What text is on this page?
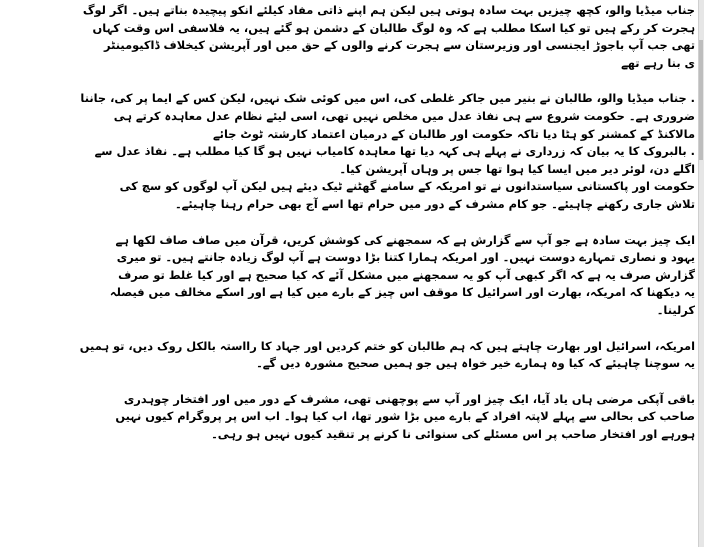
جناب میڈیا والو، کچھ چیزیں بہت سادہ ہوتی ہیں لیکن ہم اپنے ذاتی مفاد کیلئے انکو پیچیدہ بناتے ہیں۔ اگر لوگ
ہجرت کر رکے ہیں تو کیا اسکا مطلب ہے کہ وہ لوگ طالبان کے دشمن ہو گئے ہیں، یہ فلاسفی اس وقت کہاں
تھی جب آپ باجوڑ ایجنسی اور وزیرستان سے ہجرت کرنے والوں کے حق میں اور آپریشن کیخلاف ڈاکیومینٹر
ی بنا رہے تھے
. جناب میڈیا والو، طالبان نے بنیر میں جاکر غلطی کی، اس میں کوئی شک نہیں، لیکن کس کے ایما پر کی، جاننا
ضروری ہے۔ حکومت شروع سے ہی نفاذ عدل میں مخلص نہیں تھی، اسی لیئے نظام عدل معاہدہ کرتے ہی
مالاکنڈ کے کمشنر کو ہٹا دیا تاکہ حکومت اور طالبان کے درمیان اعتماد کارشتہ ٹوٹ جائے
. بالبروک کا یہ بیان کہ زرداری نے پہلے ہی کہہ دیا تھا معاہدہ کامیاب نہیں ہو گا کیا مطلب ہے۔ نفاذ عدل سے
اگلے دن، لوئر دیر میں ایسا کیا ہوا تھا جس پر وہاں آپریشن کیا۔
حکومت اور پاکستانی سیاستدانوں نے تو امریکہ کے سامنے گھٹنے ٹیک دیئے ہیں لیکن آپ لوگوں کو سچ کی
تلاش جاری رکھنے چاہیئے۔ جو کام مشرف کے دور میں حرام تھا اسے آج بھی حرام رہنا چاہیئے۔
ایک چیز بہت سادہ ہے جو آپ سے گزارش ہے کہ سمجھنے کی کوشش کریں، قرآن میں صاف صاف لکھا ہے
یہود و نصاری تمہارے دوست نہیں۔ اور امریکہ ہمارا کتنا بڑا دوست ہے آپ لوگ زیادہ جانتے ہیں۔ تو میری
گزارش صرف یہ ہے کہ اگر کبھی آپ کو یہ سمجھنے میں مشکل آئے کہ کیا صحیح ہے اور کیا غلط تو صرف
یہ دیکھنا کہ امریکہ، بھارت اور اسرائیل کا موقف اس چیز کے بارے میں کیا ہے اور اسکے مخالف میں فیصلہ
کرلینا۔
امریکہ، اسرائیل اور بھارت چاہتے ہیں کہ ہم طالبان کو ختم کردیں اور جہاد کا رااستہ بالکل روک دیں، تو ہمیں
یہ سوچنا چاہیئے کہ کیا وہ ہمارے خیر خواہ ہیں جو ہمیں صحیح مشورہ دیں گے۔
باقی آپکی مرضی ہاں یاد آیا، ایک چیز اور آپ سے پوچھنی تھی، مشرف کے دور میں اور افتخار چوہدری
صاحب کی بحالی سے پہلے لاپتہ افراد کے بارے میں بڑا شور تھا، اب کیا ہوا۔ اب اس پر پروگرام کیوں نہیں
ہورہے اور افتخار صاحب پر اس مسئلے کی سنوائی نا کرنے پر تنقید کیوں نہیں ہو رہی۔
